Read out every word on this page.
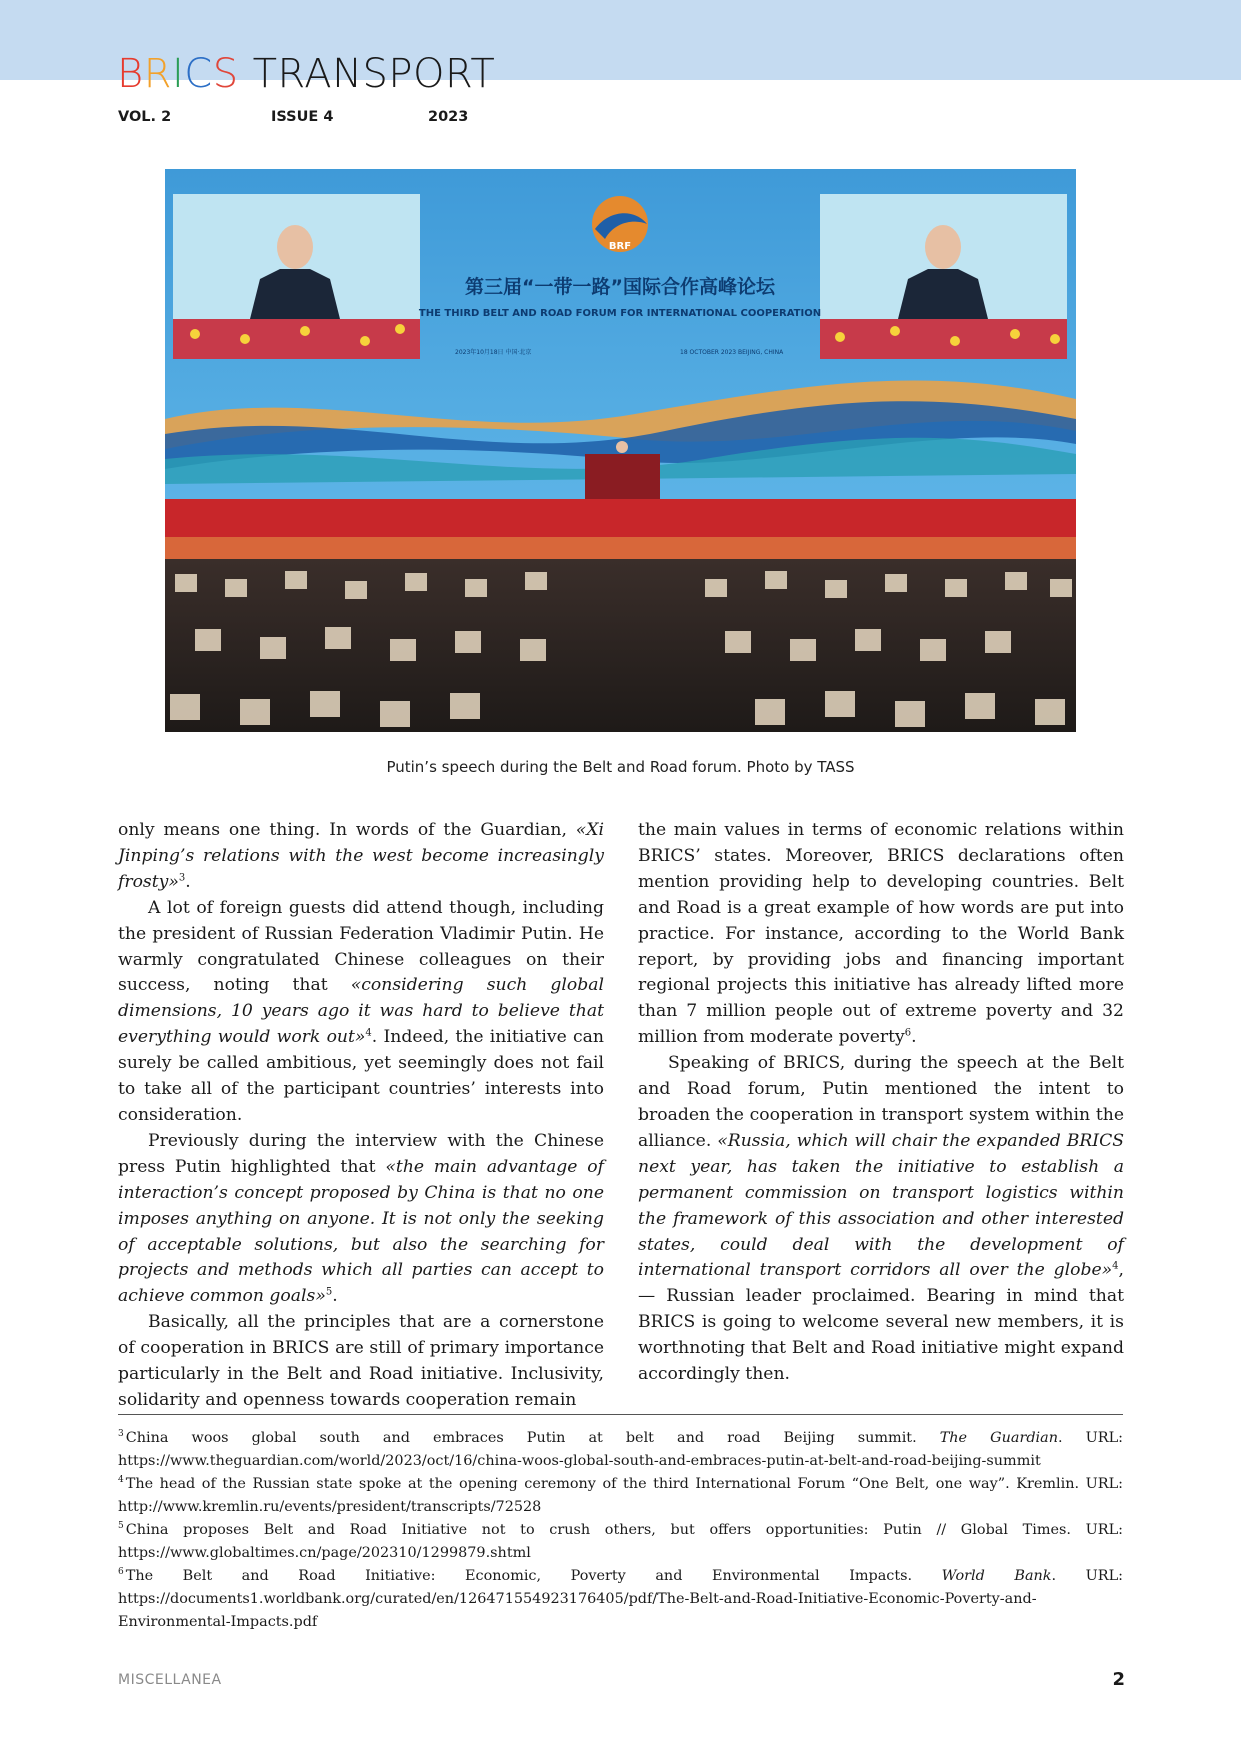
B R I C S TRANSPORT
VOL. 2	ISSUE 4	2023
BRF
第三届“一带一路”国际合作高峰论坛
THE THIRD BELT AND ROAD FORUM FOR INTERNATIONAL COOPERATION
2023年10月18日 中国·北京	18 OCTOBER 2023 BEIJING, CHINA
Putin’s speech during the Belt and Road forum. Photo by TASS

only means one thing. In words of the Guardian, «Xi Jinping’s relations with the west become increasingly frosty»$^3$.

A lot of foreign guests did attend though, including the president of Russian Federation Vladimir Putin. He warmly congratulated Chinese colleagues on their success, noting that «considering such global dimensions, 10 years ago it was hard to believe that everything would work out»$^4$. Indeed, the initiative can surely be called ambitious, yet seemingly does not fail to take all of the participant countries’ interests into consideration.

Previously during the interview with the Chinese press Putin highlighted that «the main advantage of interaction’s concept proposed by China is that no one imposes anything on anyone. It is not only the seeking of acceptable solutions, but also the searching for projects and methods which all parties can accept to achieve common goals»$^5$.

Basically, all the principles that are a cornerstone of cooperation in BRICS are still of primary importance particularly in the Belt and Road initiative. Inclusivity, solidarity and openness towards cooperation remain

the main values in terms of economic relations within BRICS’ states. Moreover, BRICS declarations often mention providing help to developing countries. Belt and Road is a great example of how words are put into practice. For instance, according to the World Bank report, by providing jobs and financing important regional projects this initiative has already lifted more than 7 million people out of extreme poverty and 32 million from moderate poverty$^6$.

Speaking of BRICS, during the speech at the Belt and Road forum, Putin mentioned the intent to broaden the cooperation in transport system within the alliance. «Russia, which will chair the expanded BRICS next year, has taken the initiative to establish a permanent commission on transport logistics within the framework of this association and other interested states, could deal with the development of international transport corridors all over the globe»$^4$, — Russian leader proclaimed. Bearing in mind that BRICS is going to welcome several new members, it is worthnoting that Belt and Road initiative might expand accordingly then.

$^3$ China woos global south and embraces Putin at belt and road Beijing summit. The Guardian. URL: https://www.theguardian.com/world/2023/oct/16/china-woos-global-south-and-embraces-putin-at-belt-and-road-beijing-summit

$^4$ The head of the Russian state spoke at the opening ceremony of the third International Forum “One Belt, one way”. Kremlin. URL: http://www.kremlin.ru/events/president/transcripts/72528

$^5$ China proposes Belt and Road Initiative not to crush others, but offers opportunities: Putin // Global Times. URL: https://www.globaltimes.cn/page/202310/1299879.shtml

$^6$ The Belt and Road Initiative: Economic, Poverty and Environmental Impacts. World Bank. URL: https://documents1.worldbank.org/curated/en/126471554923176405/pdf/The-Belt-and-Road-Initiative-Economic-Poverty-and-Environmental-Impacts.pdf

MISCELLANEA	2
